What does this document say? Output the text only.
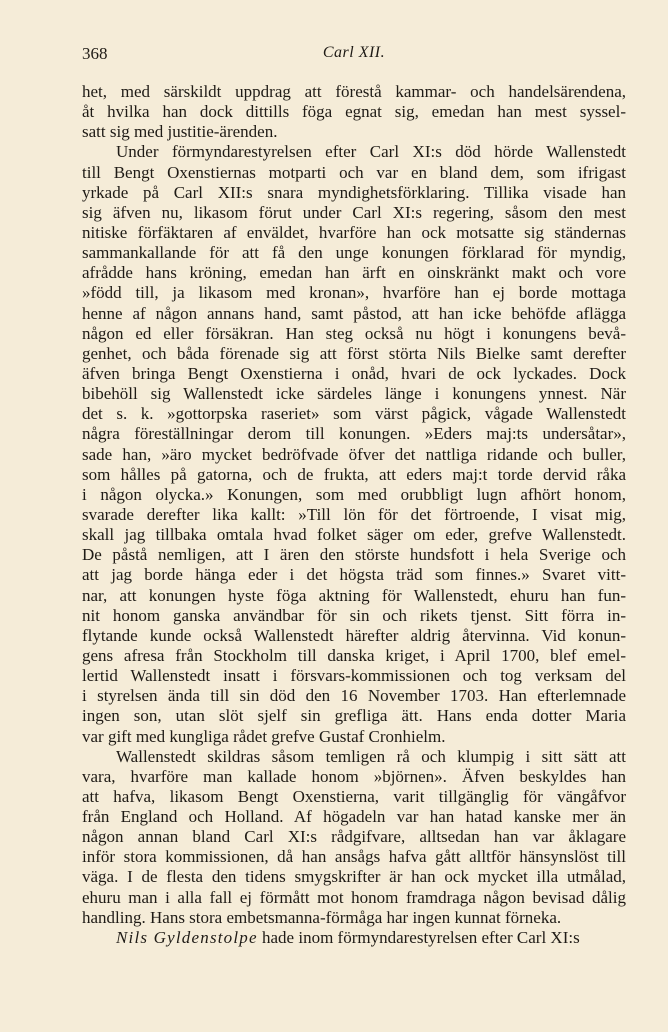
368	Carl XII.
het, med särskildt uppdrag att förestå kammar- och handelsärendena,
åt hvilka han dock dittills föga egnat sig, emedan han mest syssel-
satt sig med justitie-ärenden.
Under förmyndarestyrelsen efter Carl XI:s död hörde Wallenstedt
till Bengt Oxenstiernas motparti och var en bland dem, som ifrigast
yrkade på Carl XII:s snara myndighetsförklaring. Tillika visade han
sig äfven nu, likasom förut under Carl XI:s regering, såsom den mest
nitiske förfäktaren af enväldet, hvarföre han ock motsatte sig ständernas
sammankallande för att få den unge konungen förklarad för myndig,
afrådde hans kröning, emedan han ärft en oinskränkt makt och vore
»född till, ja likasom med kronan», hvarföre han ej borde mottaga
henne af någon annans hand, samt påstod, att han icke behöfde aflägga
någon ed eller försäkran. Han steg också nu högt i konungens bevå-
genhet, och båda förenade sig att först störta Nils Bielke samt derefter
äfven bringa Bengt Oxenstierna i onåd, hvari de ock lyckades. Dock
bibehöll sig Wallenstedt icke särdeles länge i konungens ynnest. När
det s. k. »gottorpska raseriet» som värst pågick, vågade Wallenstedt
några föreställningar derom till konungen. »Eders maj:ts undersåtar»,
sade han, »äro mycket bedröfvade öfver det nattliga ridande och buller,
som hålles på gatorna, och de frukta, att eders maj:t torde dervid råka
i någon olycka.» Konungen, som med orubbligt lugn afhört honom,
svarade derefter lika kallt: »Till lön för det förtroende, I visat mig,
skall jag tillbaka omtala hvad folket säger om eder, grefve Wallenstedt.
De påstå nemligen, att I ären den störste hundsfott i hela Sverige och
att jag borde hänga eder i det högsta träd som finnes.» Svaret vitt-
nar, att konungen hyste föga aktning för Wallenstedt, ehuru han fun-
nit honom ganska användbar för sin och rikets tjenst. Sitt förra in-
flytande kunde också Wallenstedt härefter aldrig återvinna. Vid konun-
gens afresa från Stockholm till danska kriget, i April 1700, blef emel-
lertid Wallenstedt insatt i försvars-kommissionen och tog verksam del
i styrelsen ända till sin död den 16 November 1703. Han efterlemnade
ingen son, utan slöt sjelf sin grefliga ätt. Hans enda dotter Maria
var gift med kungliga rådet grefve Gustaf Cronhielm.
Wallenstedt skildras såsom temligen rå och klumpig i sitt sätt att
vara, hvarföre man kallade honom »björnen». Äfven beskyldes han
att hafva, likasom Bengt Oxenstierna, varit tillgänglig för vängåfvor
från England och Holland. Af högadeln var han hatad kanske mer än
någon annan bland Carl XI:s rådgifvare, alltsedan han var åklagare
inför stora kommissionen, då han ansågs hafva gått alltför hänsynslöst till
väga. I de flesta den tidens smygskrifter är han ock mycket illa utmålad,
ehuru man i alla fall ej förmått mot honom framdraga någon bevisad dålig
handling. Hans stora embetsmanna-förmåga har ingen kunnat förneka.
Nils Gyldenstolpe hade inom förmyndarestyrelsen efter Carl XI:s
